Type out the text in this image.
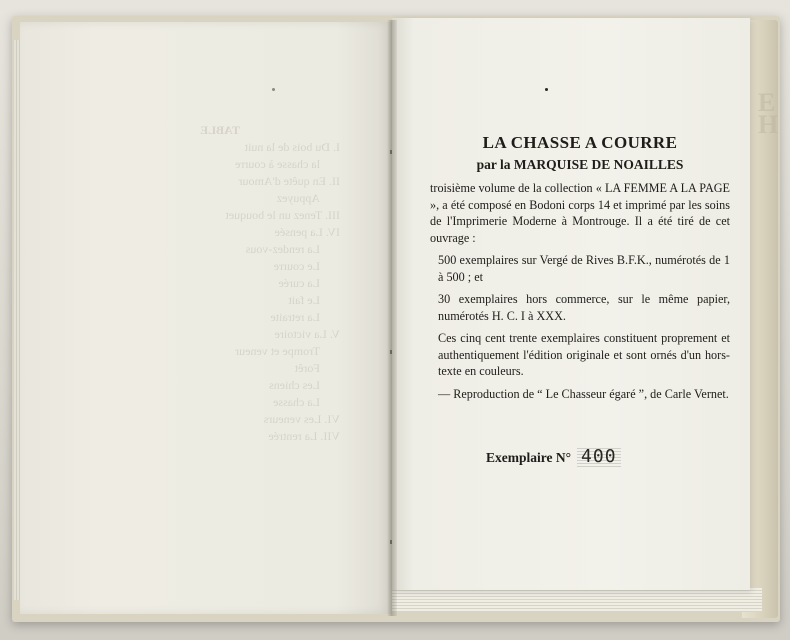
E
H
TABLE
I. Du bois de la nuit
la chasse à courre
II. En quête d'Amour
Appuyez
III. Tenez un le bouquet
IV. La pensée
La rendez-vous
Le courre
La curée
Le fait
La retraite
V. La victoire
Trompe et veneur
Forêt
Les chiens
La chasse
VI. Les veneurs
VII. La rentrée
LA CHASSE A COURRE
par la MARQUISE DE NOAILLES

troisième volume de la collection « LA FEMME A LA PAGE », a été composé en Bodoni corps 14 et imprimé par les soins de l'Imprimerie Moderne à Montrouge. Il a été tiré de cet ouvrage :

500 exemplaires sur Vergé de Rives B.F.K., numérotés de 1 à 500 ; et

30 exemplaires hors commerce, sur le même papier, numérotés H. C. I à XXX.

Ces cinq cent trente exemplaires constituent proprement et authentiquement l'édition originale et sont ornés d'un hors-texte en couleurs.

— Reproduction de “ Le Chasseur égaré ”, de Carle Vernet.

Exemplaire N° 400
